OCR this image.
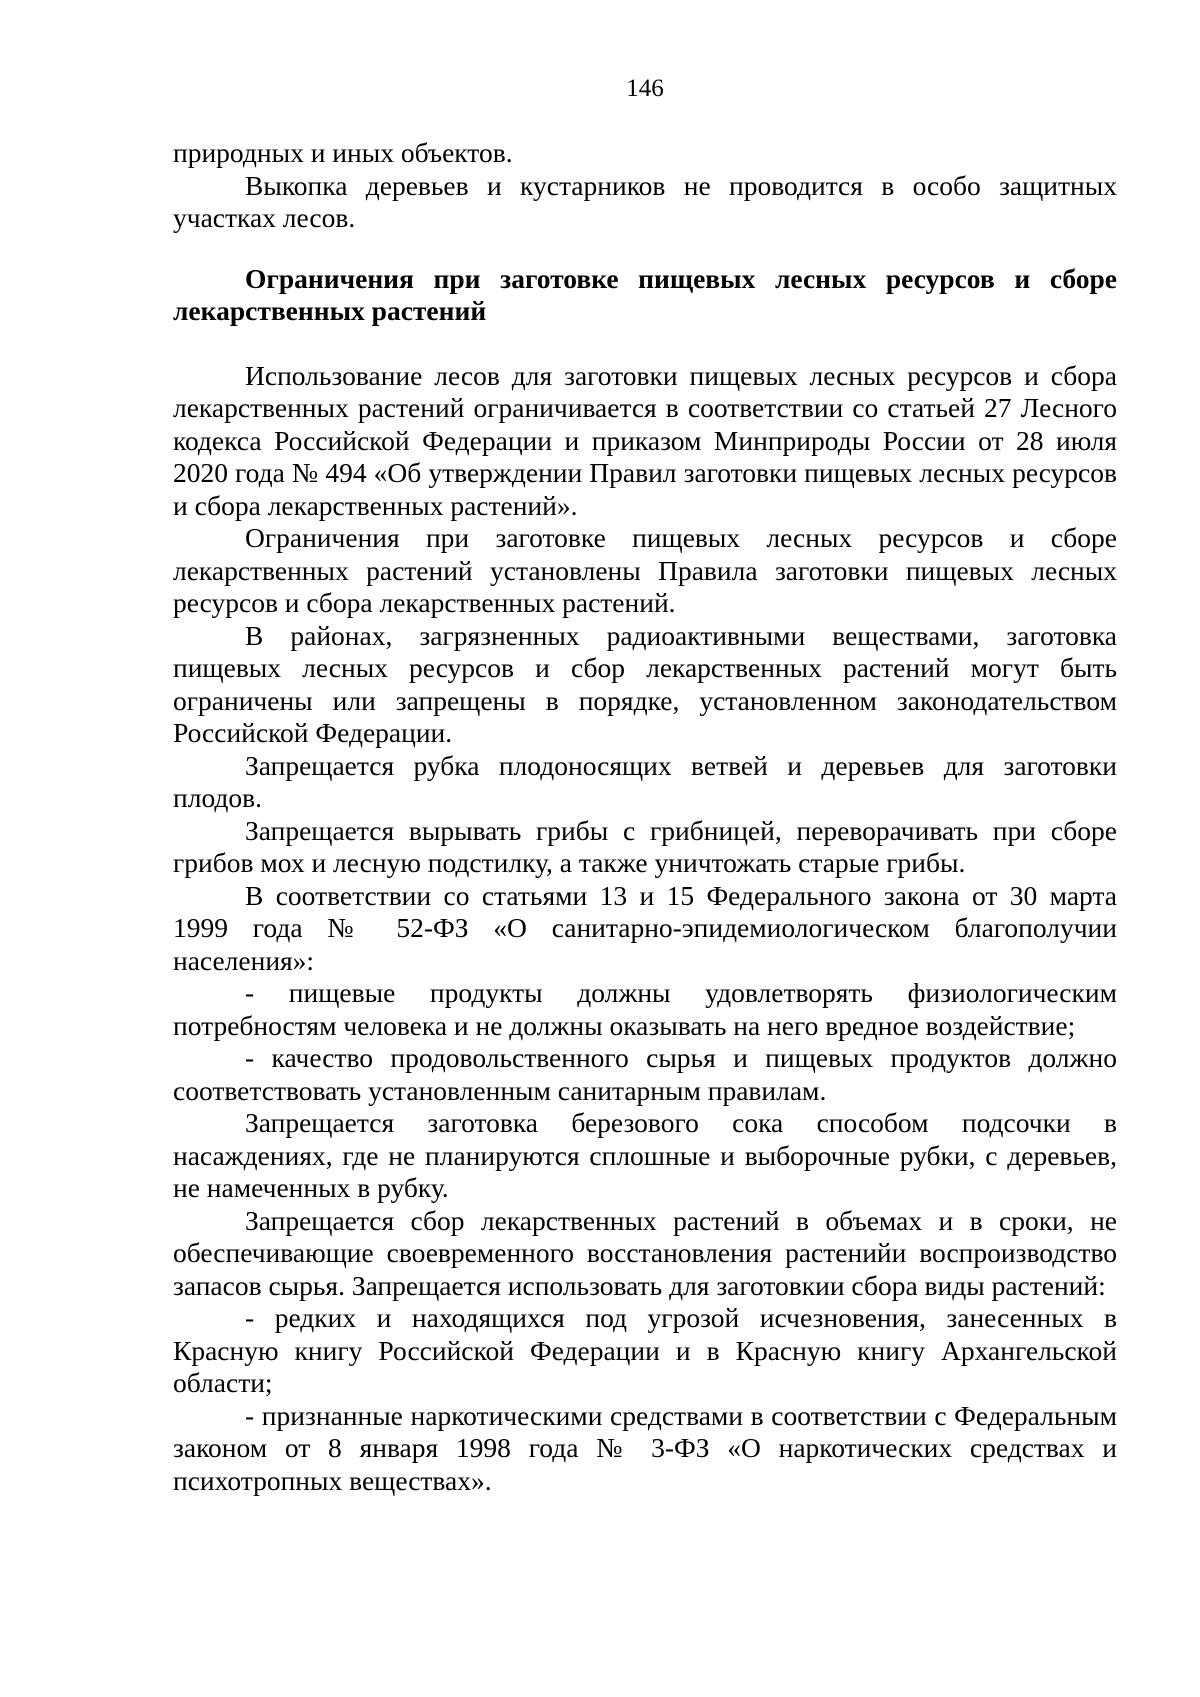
146

природных и иных объектов.

Выкопка деревьев и кустарников не проводится в особо защитных участках лесов.

Ограничения при заготовке пищевых лесных ресурсов и сборе лекарственных растений

Использование лесов для заготовки пищевых лесных ресурсов и сбора лекарственных растений ограничивается в соответствии со статьей 27 Лесного кодекса Российской Федерации и приказом Минприроды России от 28 июля 2020 года № 494 «Об утверждении Правил заготовки пищевых лесных ресурсов и сбора лекарственных растений».

Ограничения при заготовке пищевых лесных ресурсов и сборе лекарственных растений установлены Правила заготовки пищевых лесных ресурсов и сбора лекарственных растений.

В районах, загрязненных радиоактивными веществами, заготовка пищевых лесных ресурсов и сбор лекарственных растений могут быть ограничены или запрещены в порядке, установленном законодательством Российской Федерации.

Запрещается рубка плодоносящих ветвей и деревьев для заготовки плодов.

Запрещается вырывать грибы с грибницей, переворачивать при сборе грибов мох и лесную подстилку, а также уничтожать старые грибы.

В соответствии со статьями 13 и 15 Федерального закона от 30 марта 1999 года № 52-ФЗ «О санитарно-эпидемиологическом благополучии населения»:

- пищевые продукты должны удовлетворять физиологическим потребностям человека и не должны оказывать на него вредное воздействие;

- качество продовольственного сырья и пищевых продуктов должно соответствовать установленным санитарным правилам.

Запрещается заготовка березового сока способом подсочки в насаждениях, где не планируются сплошные и выборочные рубки, с деревьев, не намеченных в рубку.

Запрещается сбор лекарственных растений в объемах и в сроки, не обеспечивающие своевременного восстановления растенийи воспроизводство запасов сырья. Запрещается использовать для заготовкии сбора виды растений:

- редких и находящихся под угрозой исчезновения, занесенных в Красную книгу Российской Федерации и в Красную книгу Архангельской области;

- признанные наркотическими средствами в соответствии с Федеральным законом от 8 января 1998 года № 3-ФЗ «О наркотических средствах и психотропных веществах».
